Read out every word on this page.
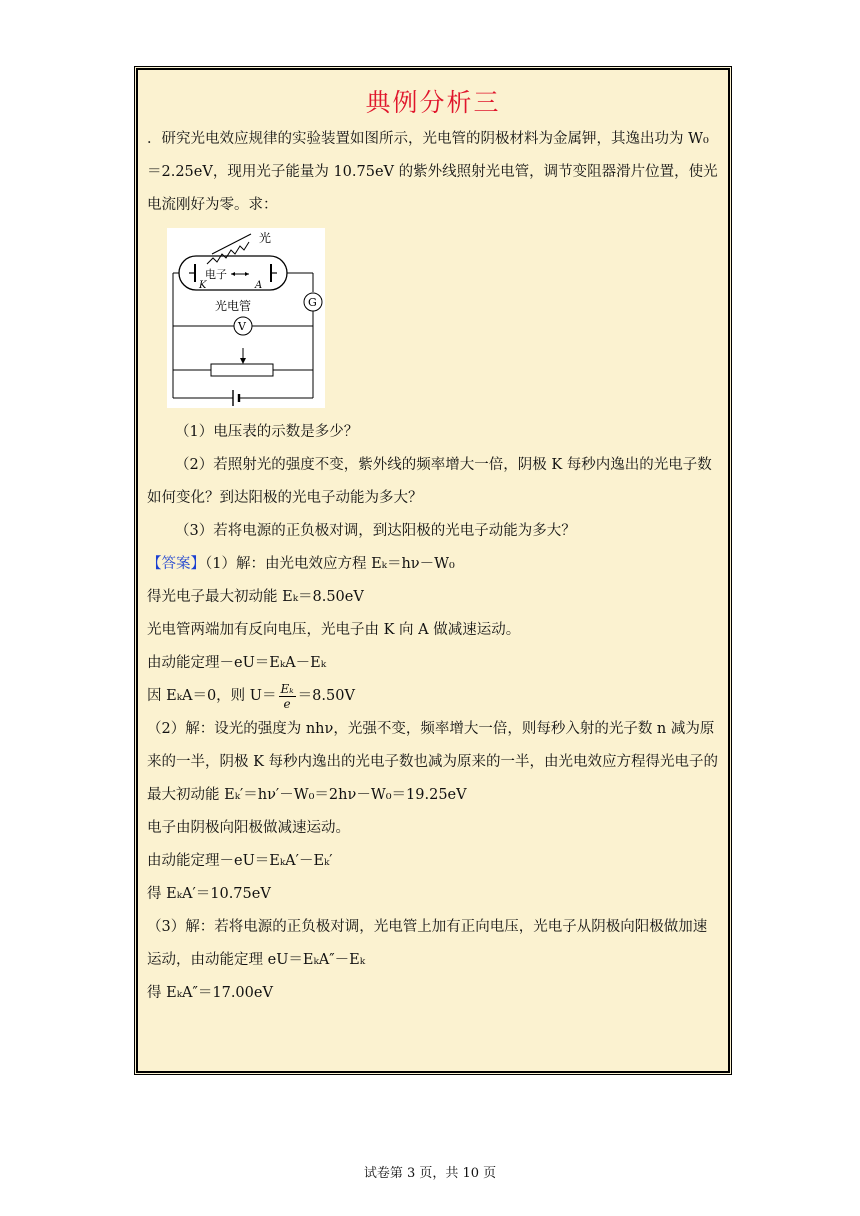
典例分析三

．研究光电效应规律的实验装置如图所示，光电管的阴极材料为金属钾，其逸出功为 W₀＝2.25eV，现用光子能量为 10.75eV 的紫外线照射光电管，调节变阻器滑片位置，使光电流刚好为零。求：

光
电子
K	A
光电管	G
V

（1）电压表的示数是多少？

（2）若照射光的强度不变，紫外线的频率增大一倍，阴极 K 每秒内逸出的光电子数如何变化？到达阳极的光电子动能为多大？

（3）若将电源的正负极对调，到达阳极的光电子动能为多大？

【答案】（1）解：由光电效应方程 Eₖ＝hν－W₀

得光电子最大初动能 Eₖ＝8.50eV

光电管两端加有反向电压，光电子由 K 向 A 做减速运动。

由动能定理－eU＝EₖA－Eₖ

因 EₖA＝0，则 $U= \frac{\text{Eₖ}}{e} =8.50V$

（2）解：设光的强度为 nhν，光强不变，频率增大一倍，则每秒入射的光子数 n 减为原来的一半，阴极 K 每秒内逸出的光电子数也减为原来的一半，由光电效应方程得光电子的最大初动能 Eₖ′＝hν′－W₀＝2hν－W₀＝19.25eV

电子由阴极向阳极做减速运动。

由动能定理－eU＝EₖA′－Eₖ′

得 EₖA′＝10.75eV

（3）解：若将电源的正负极对调，光电管上加有正向电压，光电子从阴极向阳极做加速运动，由动能定理 eU＝EₖA″－Eₖ

得 EₖA″＝17.00eV

试卷第 3 页，共 10 页
